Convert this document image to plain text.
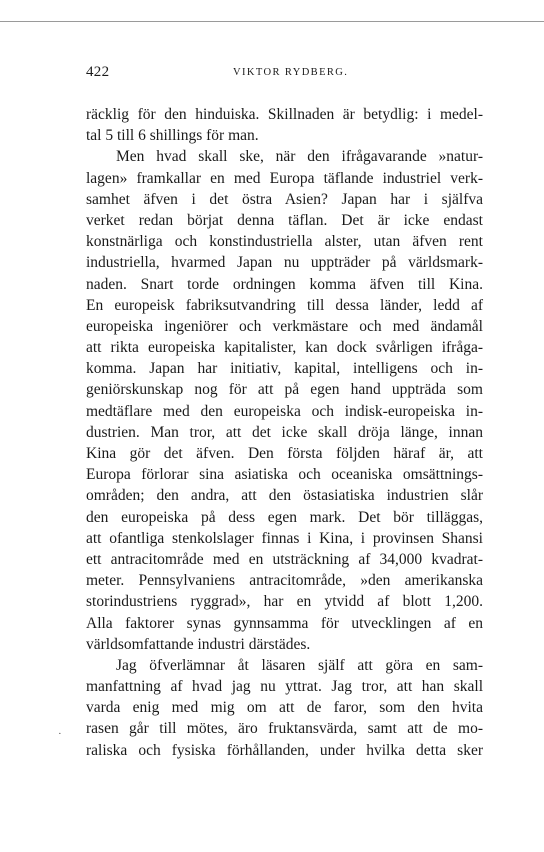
422	VIKTOR RYDBERG.
·
räcklig för den hinduiska. Skillnaden är betydlig: i medel-
tal 5 till 6 shillings för man.
Men hvad skall ske, när den ifrågavarande »natur-
lagen» framkallar en med Europa täflande industriel verk-
samhet äfven i det östra Asien? Japan har i själfva
verket redan börjat denna täflan. Det är icke endast
konstnärliga och konstindustriella alster, utan äfven rent
industriella, hvarmed Japan nu uppträder på världsmark-
naden. Snart torde ordningen komma äfven till Kina.
En europeisk fabriksutvandring till dessa länder, ledd af
europeiska ingeniörer och verkmästare och med ändamål
att rikta europeiska kapitalister, kan dock svårligen ifråga-
komma. Japan har initiativ, kapital, intelligens och in-
geniörskunskap nog för att på egen hand uppträda som
medtäflare med den europeiska och indisk-europeiska in-
dustrien. Man tror, att det icke skall dröja länge, innan
Kina gör det äfven. Den första följden häraf är, att
Europa förlorar sina asiatiska och oceaniska omsättnings-
områden; den andra, att den östasiatiska industrien slår
den europeiska på dess egen mark. Det bör tilläggas,
att ofantliga stenkolslager finnas i Kina, i provinsen Shansi
ett antracitområde med en utsträckning af 34,000 kvadrat-
meter. Pennsylvaniens antracitområde, »den amerikanska
storindustriens ryggrad», har en ytvidd af blott 1,200.
Alla faktorer synas gynnsamma för utvecklingen af en
världsomfattande industri därstädes.
Jag öfverlämnar åt läsaren själf att göra en sam-
manfattning af hvad jag nu yttrat. Jag tror, att han skall
varda enig med mig om att de faror, som den hvita
rasen går till mötes, äro fruktansvärda, samt att de mo-
raliska och fysiska förhållanden, under hvilka detta sker
